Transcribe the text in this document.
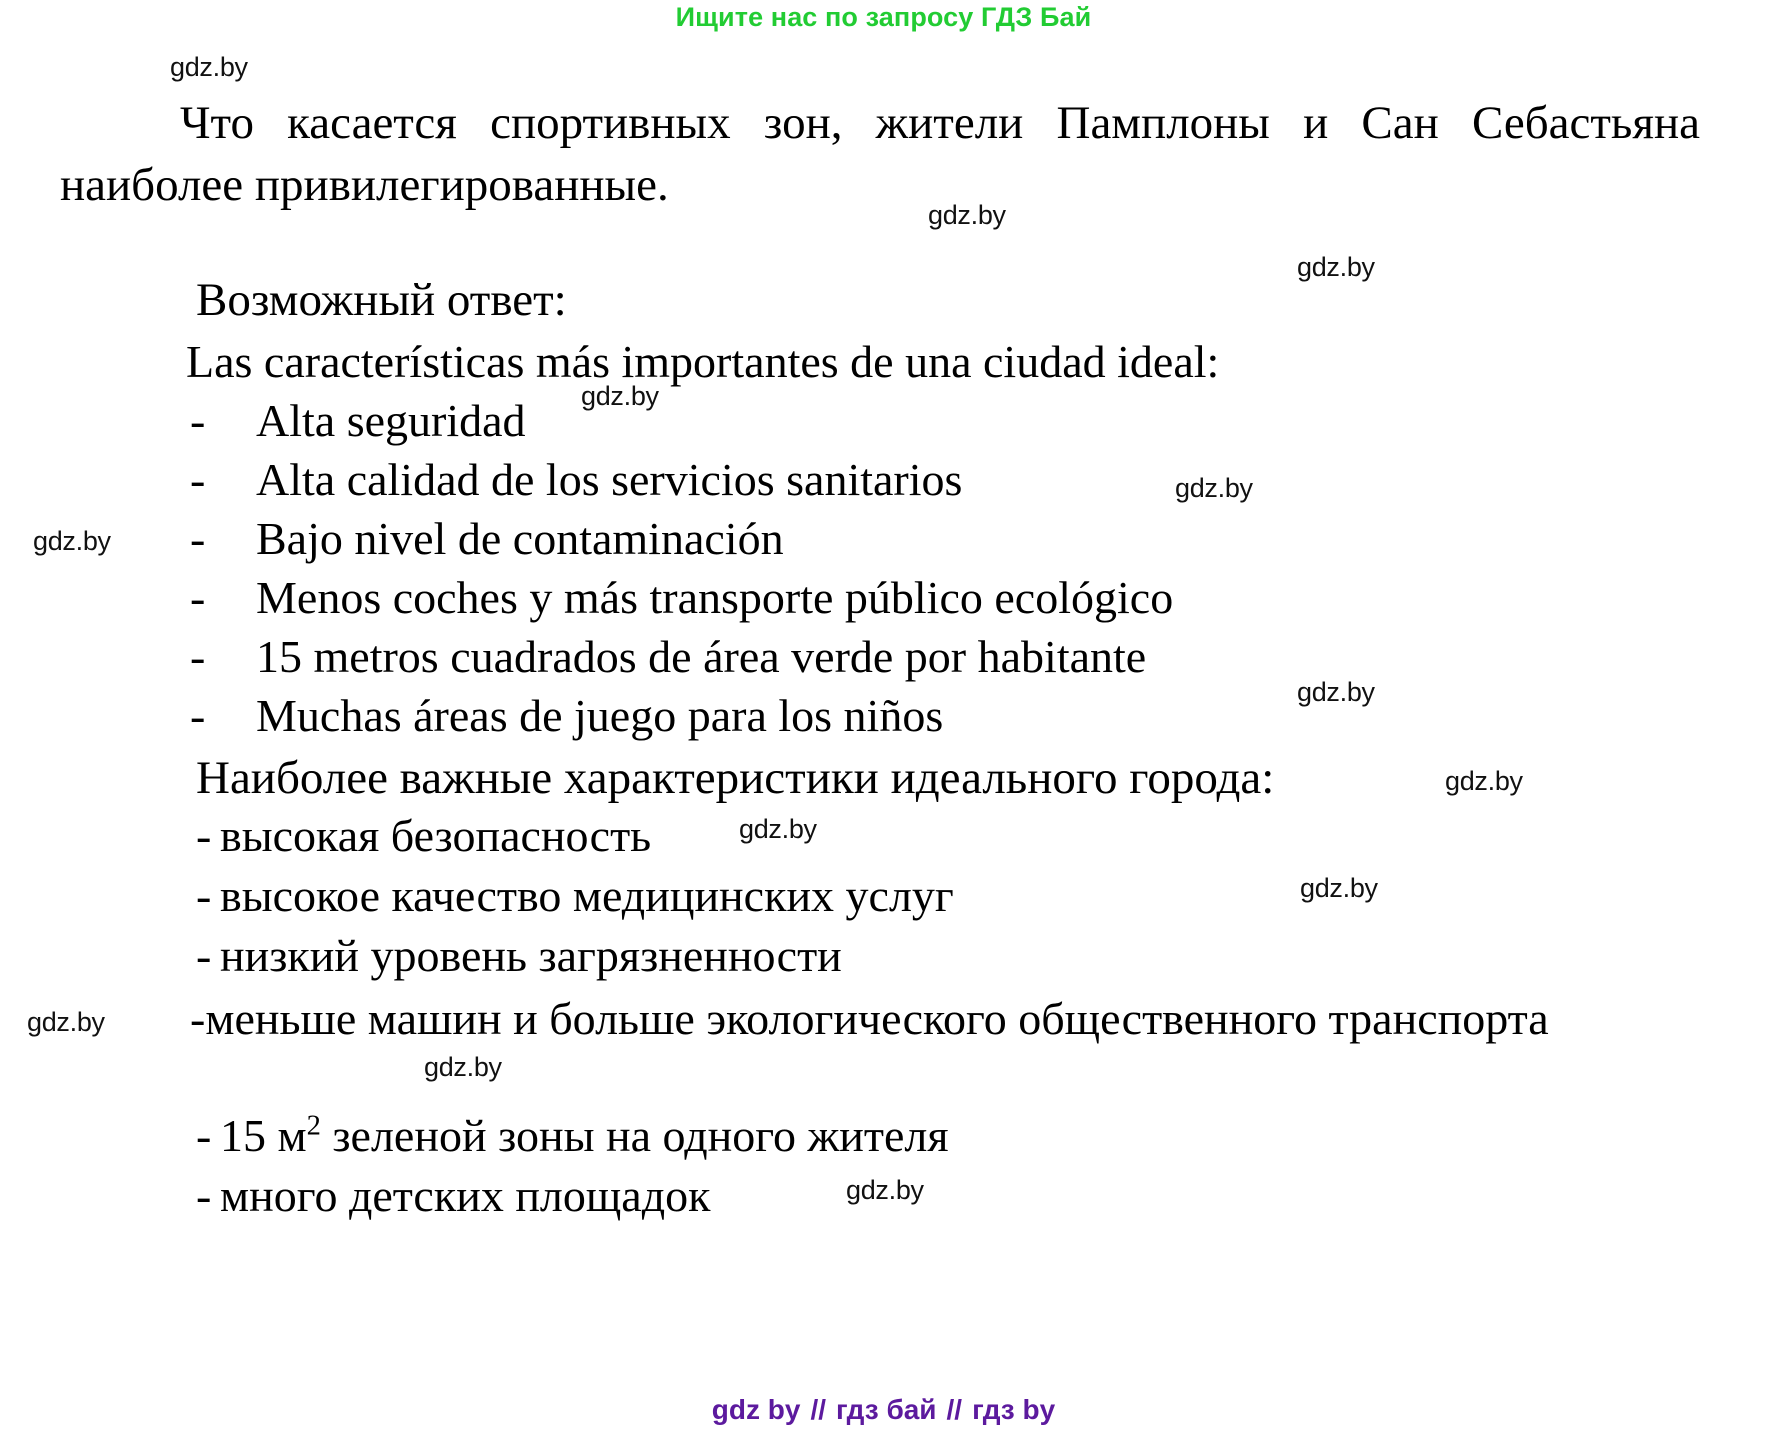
Ищите нас по запросу ГДЗ Бай
gdz.by
gdz.by
gdz.by
gdz.by
gdz.by
gdz.by
gdz.by
gdz.by
gdz.by
gdz.by
gdz.by
gdz.by
gdz.by
Что касается спортивных зон, жители Памплоны и Сан Себастьяна наиболее привилегированные.
Возможный ответ:
Las características más importantes de una ciudad ideal:
- Alta seguridad
- Alta calidad de los servicios sanitarios
- Bajo nivel de contaminación
- Menos coches y más transporte público ecológico
- 15 metros cuadrados de área verde por habitante
- Muchas áreas de juego para los niños
Наиболее важные характеристики идеального города:
- высокая безопасность
- высокое качество медицинских услуг
- низкий уровень загрязненности
-меньше машин и больше экологического общественного транспорта
- 15 $м^2$ зеленой зоны на одного жителя
- много детских площадок
gdz by // гдз бай // гдз by
